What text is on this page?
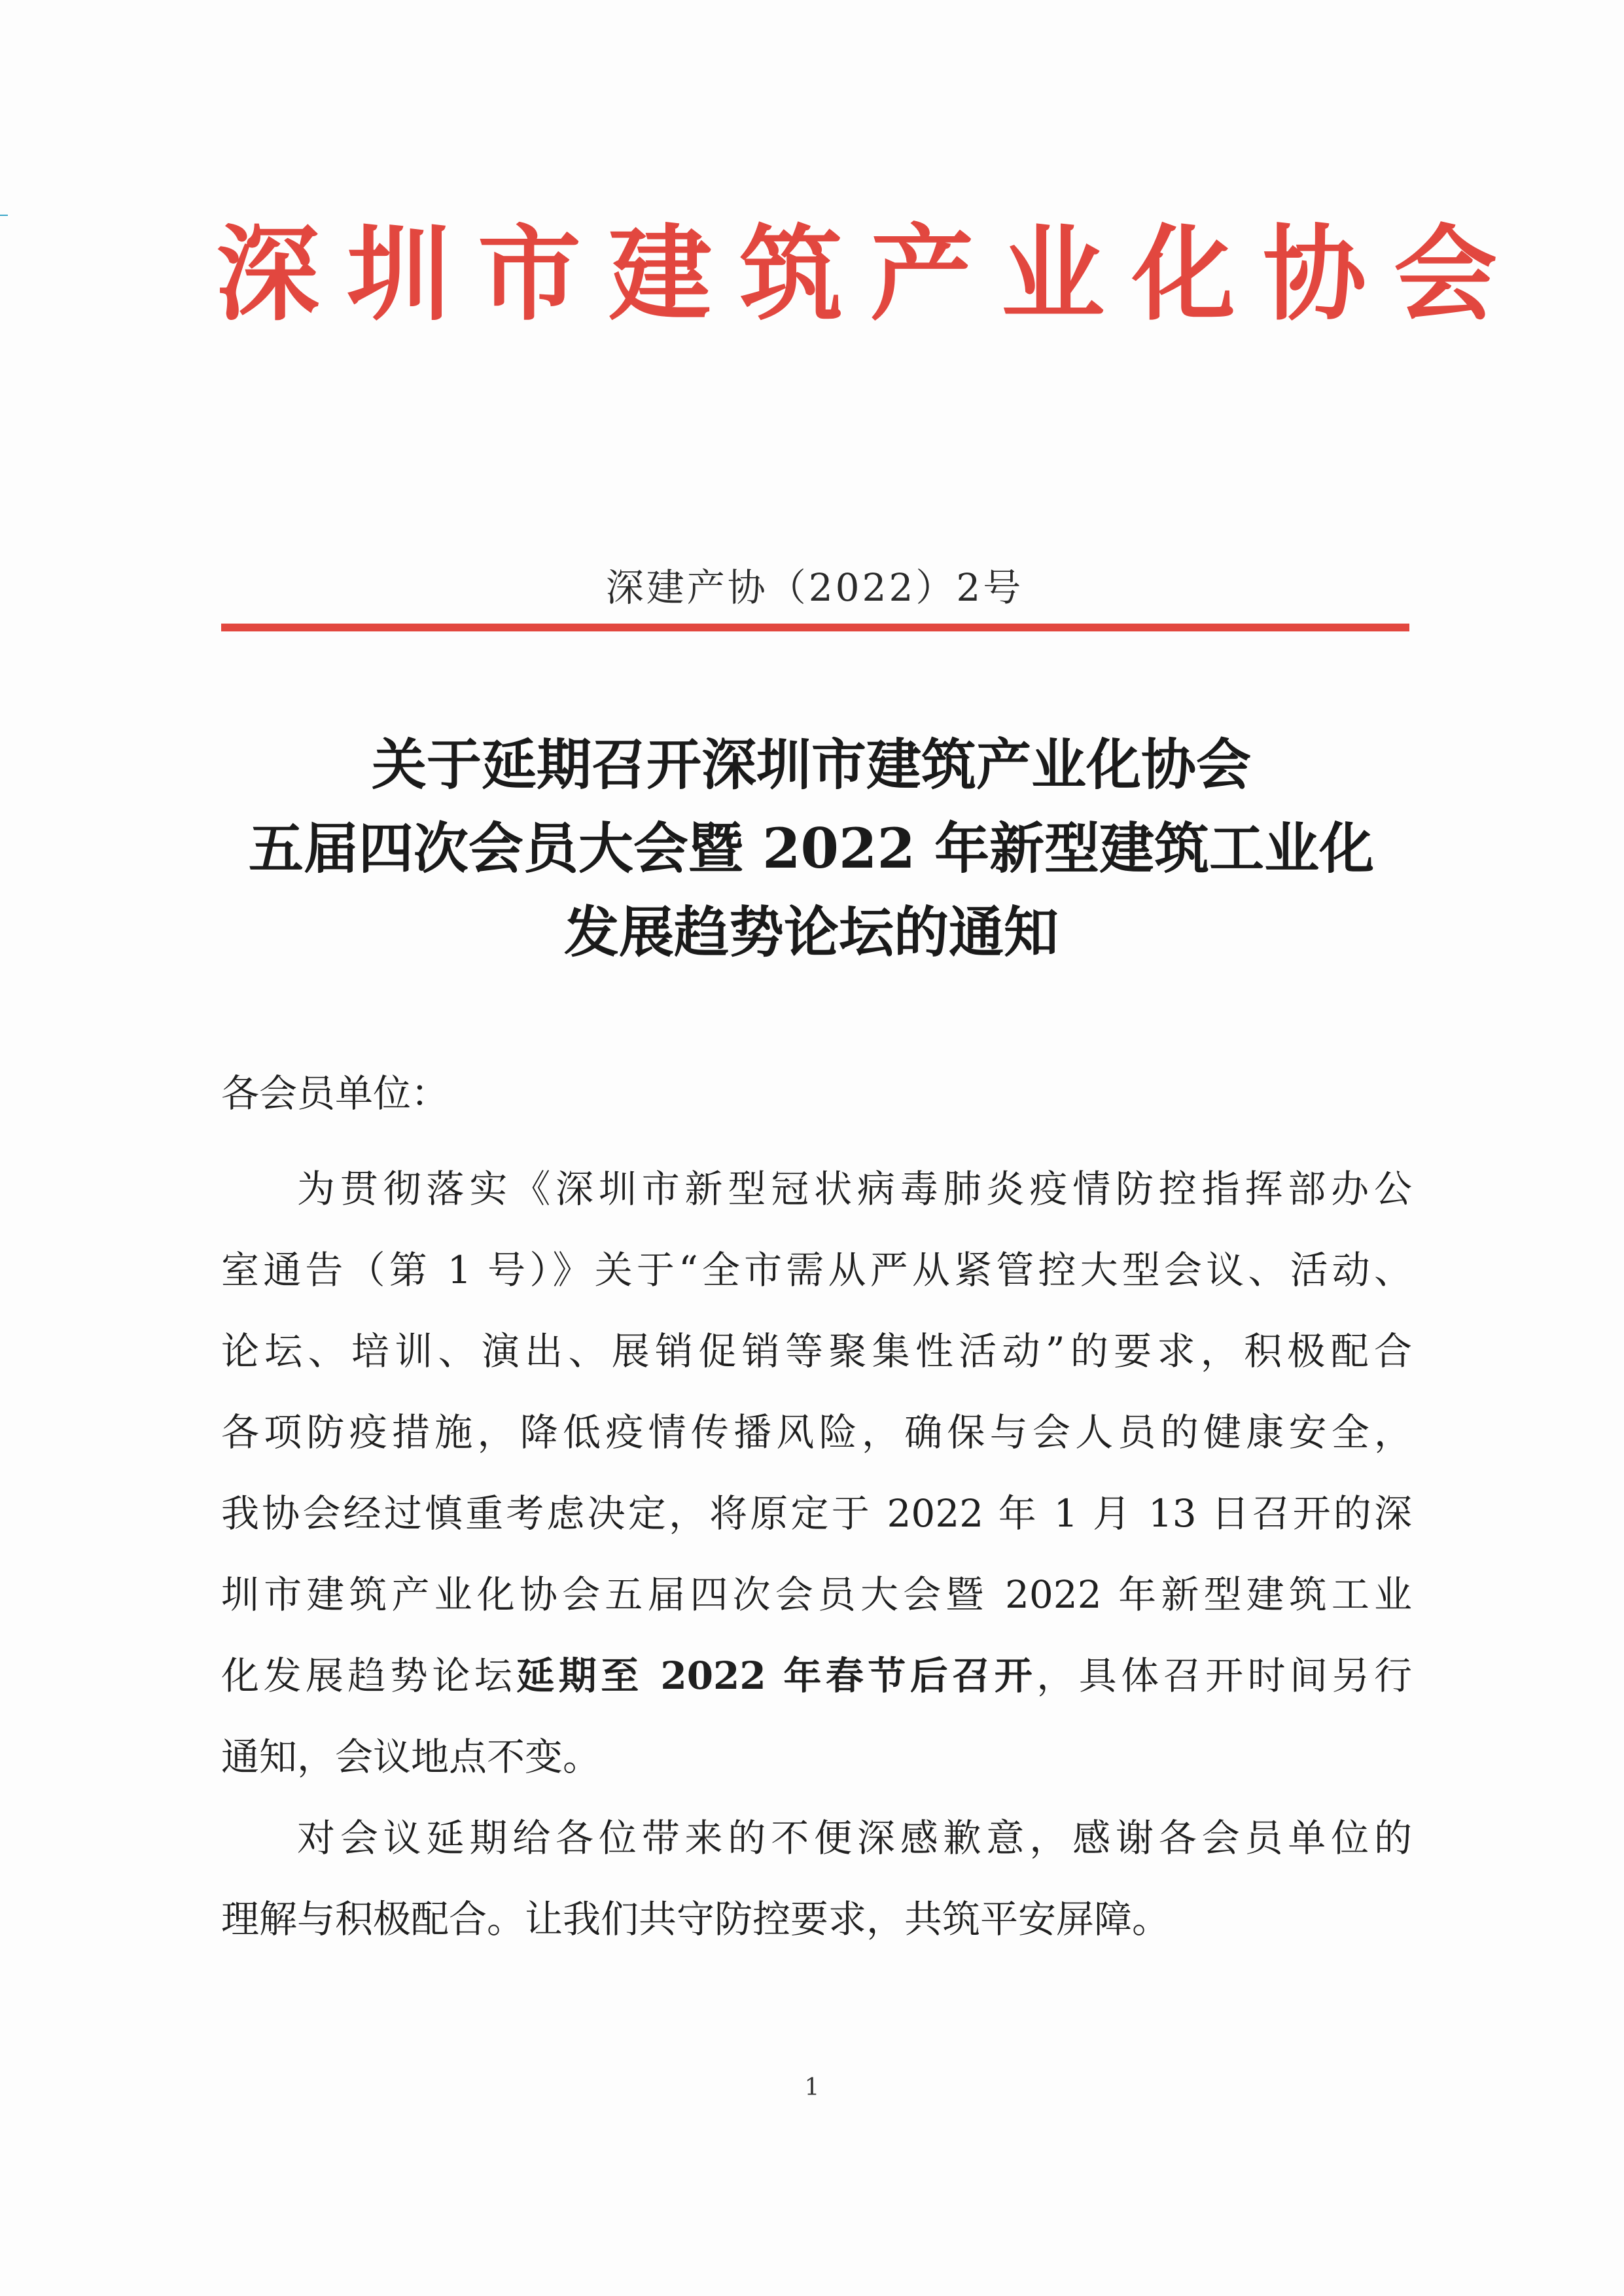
深圳市建筑产业化协会
深建产协（2022）2号
关于延期召开深圳市建筑产业化协会
五届四次会员大会暨 2022 年新型建筑工业化
发展趋势论坛的通知
各会员单位：
为贯彻落实《深圳市新型冠状病毒肺炎疫情防控指挥部办公
室通告（第 1 号）》关于“全市需从严从紧管控大型会议、活动、
论坛、培训、演出、展销促销等聚集性活动”的要求，积极配合
各项防疫措施，降低疫情传播风险，确保与会人员的健康安全，
我协会经过慎重考虑决定，将原定于 2022 年 1 月 13 日召开的深
圳市建筑产业化协会五届四次会员大会暨 2022 年新型建筑工业
化发展趋势论坛延期至 2022 年春节后召开，具体召开时间另行
通知，会议地点不变。
对会议延期给各位带来的不便深感歉意，感谢各会员单位的
理解与积极配合。让我们共守防控要求，共筑平安屏障。
1
